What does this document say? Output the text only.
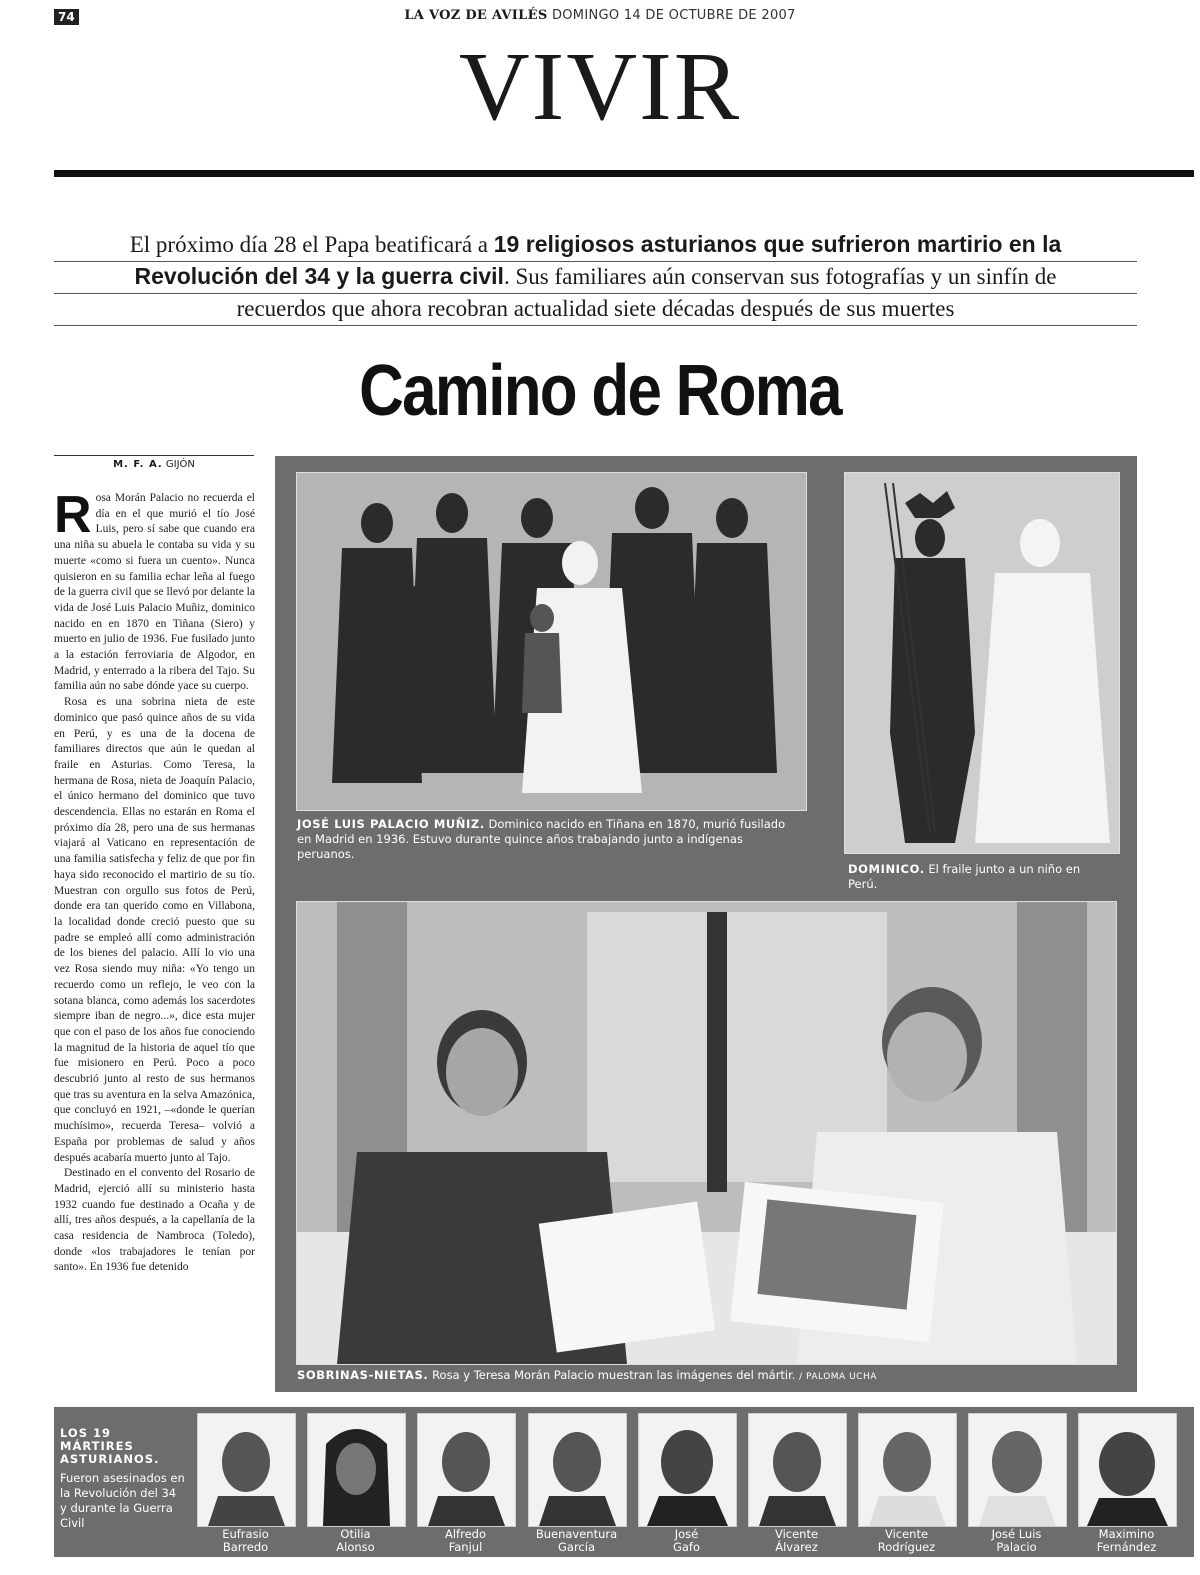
74	LA VOZ DE AVILÉS DOMINGO 14 DE OCTUBRE DE 2007
VIVIR
El próximo día 28 el Papa beatificará a 19 religiosos asturianos que sufrieron martirio en la
Revolución del 34 y la guerra civil. Sus familiares aún conservan sus fotografías y un sinfín de
recuerdos que ahora recobran actualidad siete décadas después de sus muertes
Camino de Roma
M. F. A. GIJÓN

Rosa Morán Palacio no recuerda el día en el que murió el tío José Luis, pero sí sabe que cuando era una niña su abuela le contaba su vida y su muerte «como si fuera un cuento». Nunca quisieron en su familia echar leña al fuego de la guerra civil que se llevó por delante la vida de José Luis Palacio Muñiz, dominico nacido en en 1870 en Tiñana (Siero) y muerto en julio de 1936. Fue fusilado junto a la estación ferroviaria de Algodor, en Madrid, y enterrado a la ribera del Tajo. Su familia aún no sabe dónde yace su cuerpo.

Rosa es una sobrina nieta de este dominico que pasó quince años de su vida en Perú, y es una de la docena de familiares directos que aún le quedan al fraile en Asturias. Como Teresa, la hermana de Rosa, nieta de Joaquín Palacio, el único hermano del dominico que tuvo descendencia. Ellas no estarán en Roma el próximo día 28, pero una de sus hermanas viajará al Vaticano en representación de una familia satisfecha y feliz de que por fin haya sido reconocido el martirio de su tío. Muestran con orgullo sus fotos de Perú, donde era tan querido como en Villabona, la localidad donde creció puesto que su padre se empleó allí como administración de los bienes del palacio. Allí lo vio una vez Rosa siendo muy niña: «Yo tengo un recuerdo como un reflejo, le veo con la sotana blanca, como además los sacerdotes siempre iban de negro...», dice esta mujer que con el paso de los años fue conociendo la magnitud de la historia de aquel tío que fue misionero en Perú. Poco a poco descubrió junto al resto de sus hermanos que tras su aventura en la selva Amazónica, que concluyó en 1921, –«donde le querían muchísimo», recuerda Teresa– volvió a España por problemas de salud y años después acabaría muerto junto al Tajo.

Destinado en el convento del Rosario de Madrid, ejerció allí su ministerio hasta 1932 cuando fue destinado a Ocaña y de allí, tres años después, a la capellanía de la casa residencia de Nambroca (Toledo), donde «los trabajadores le tenían por santo». En 1936 fue detenido

JOSÉ LUIS PALACIO MUÑIZ. Dominico nacido en Tiñana en 1870, murió fusilado en Madrid en 1936. Estuvo durante quince años trabajando junto a indígenas peruanos.
DOMINICO. El fraile junto a un niño en Perú.
SOBRINAS-NIETAS. Rosa y Teresa Morán Palacio muestran las imágenes del mártir. / PALOMA UCHA
LOS 19 MÁRTIRES ASTURIANOS.
Fueron asesinados en la Revolución del 34 y durante la Guerra Civil
Eufrasio
Barredo
Otilia
Alonso
Alfredo
Fanjul
Buenaventura
García
José
Gafo
Vicente
Álvarez
Vicente
Rodríguez
José Luis
Palacio
Maximino
Fernández
